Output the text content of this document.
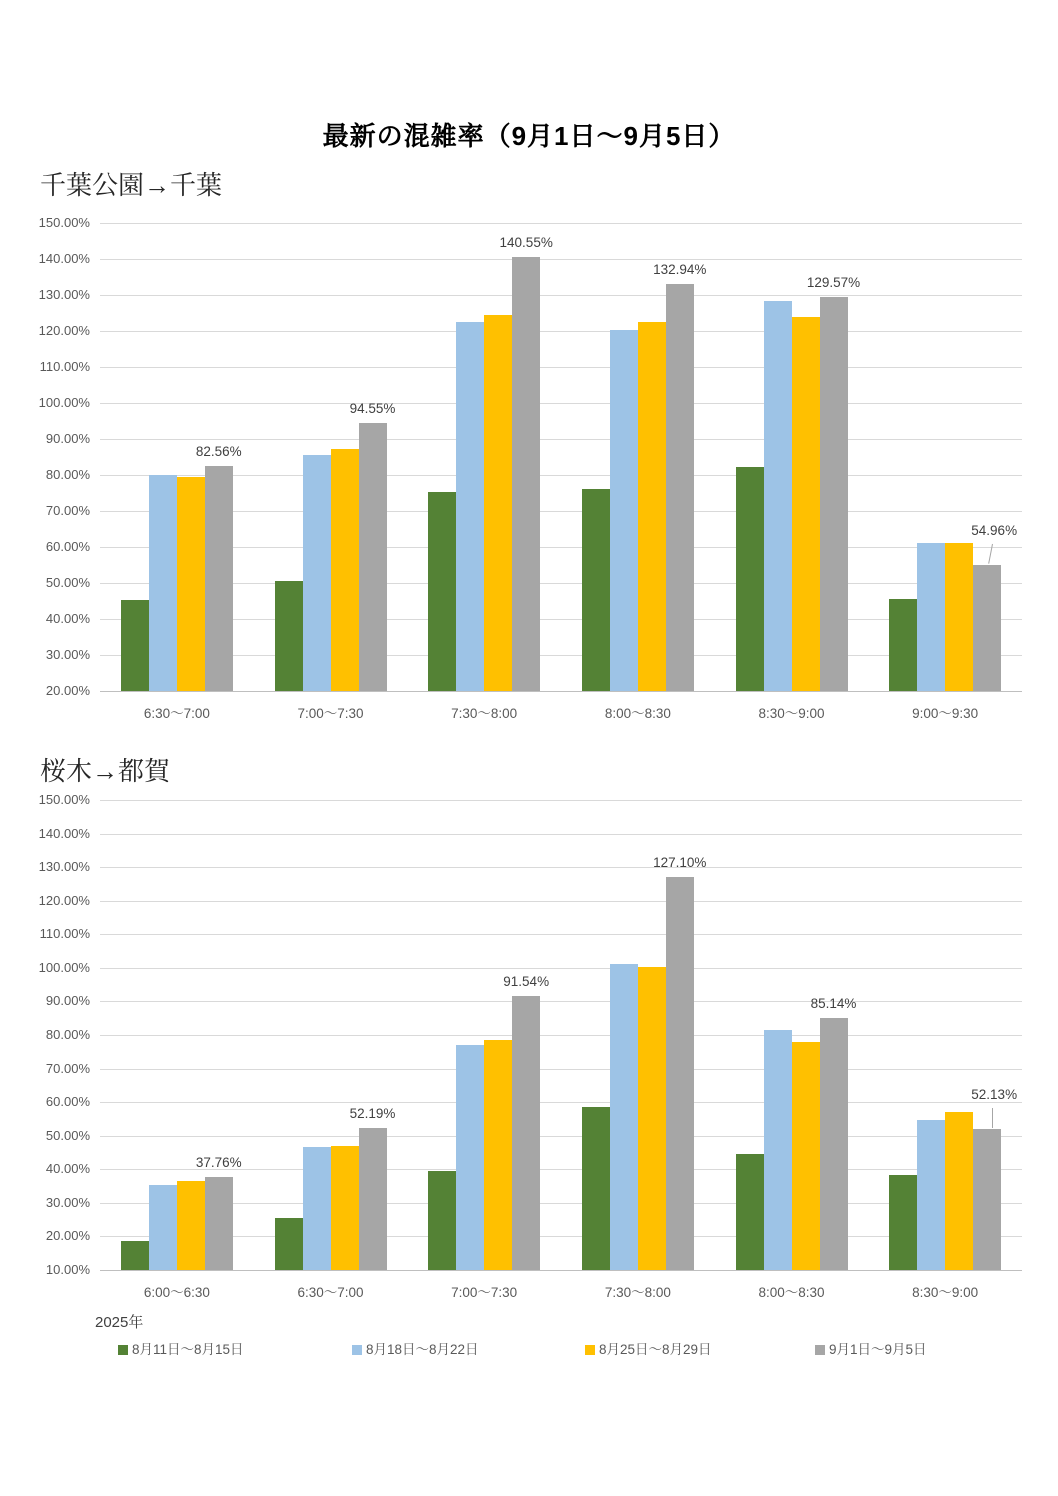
最新の混雑率（9月1日～9月5日）
千葉公園→千葉
150.00%
140.00%
130.00%
120.00%
110.00%
100.00%
90.00%
80.00%
70.00%
60.00%
50.00%
40.00%
30.00%
20.00%
6:30～7:00
82.56%
7:00～7:30
94.55%
7:30～8:00
140.55%
8:00～8:30
132.94%
8:30～9:00
129.57%
9:00～9:30
54.96%
桜木→都賀
150.00%
140.00%
130.00%
120.00%
110.00%
100.00%
90.00%
80.00%
70.00%
60.00%
50.00%
40.00%
30.00%
20.00%
10.00%
6:00～6:30
37.76%
6:30～7:00
52.19%
7:00～7:30
91.54%
7:30～8:00
127.10%
8:00～8:30
85.14%
8:30～9:00
52.13%
2025年
8月11日～8月15日	8月18日～8月22日	8月25日～8月29日	9月1日～9月5日
